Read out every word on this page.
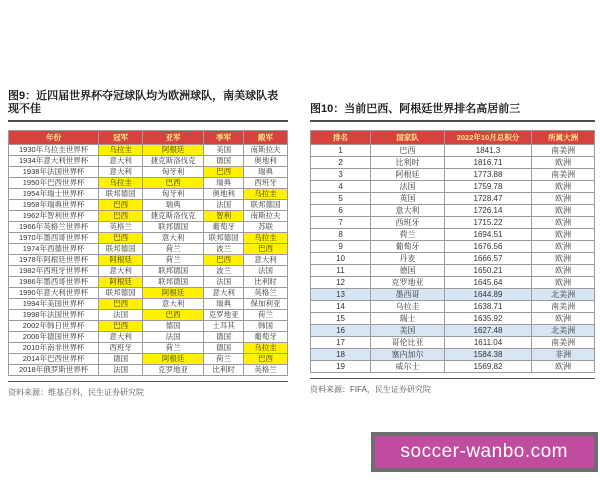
图9：近四届世界杯夺冠球队均为欧洲球队，南美球队表现不佳
年份	冠军	亚军	季军	殿军
1930年乌拉圭世界杯	乌拉圭	阿根廷	美国	南斯拉夫
1934年意大利世界杯	意大利	捷克斯洛伐克	德国	奥地利
1938年法国世界杯	意大利	匈牙利	巴西	瑞典
1950年巴西世界杯	乌拉圭	巴西	瑞典	西班牙
1954年瑞士世界杯	联邦德国	匈牙利	奥地利	乌拉圭
1958年瑞典世界杯	巴西	瑞典	法国	联邦德国
1962年智利世界杯	巴西	捷克斯洛伐克	智利	南斯拉夫
1966年英格兰世界杯	英格兰	联邦德国	葡萄牙	苏联
1970年墨西哥世界杯	巴西	意大利	联邦德国	乌拉圭
1974年西德世界杯	联邦德国	荷兰	波兰	巴西
1978年阿根廷世界杯	阿根廷	荷兰	巴西	意大利
1982年西班牙世界杯	意大利	联邦德国	波兰	法国
1986年墨西哥世界杯	阿根廷	联邦德国	法国	比利时
1990年意大利世界杯	联邦德国	阿根廷	意大利	英格兰
1994年美国世界杯	巴西	意大利	瑞典	保加利亚
1998年法国世界杯	法国	巴西	克罗地亚	荷兰
2002年韩日世界杯	巴西	德国	土耳其	韩国
2006年德国世界杯	意大利	法国	德国	葡萄牙
2010年南非世界杯	西班牙	荷兰	德国	乌拉圭
2014年巴西世界杯	德国	阿根廷	荷兰	巴西
2018年俄罗斯世界杯	法国	克罗地亚	比利时	英格兰
资料来源：维基百科，民生证券研究院
图10：当前巴西、阿根廷世界排名高居前三
排名	国家队	2022年10月总积分	所属大洲
1	巴西	1841.3	南美洲
2	比利时	1816.71	欧洲
3	阿根廷	1773.88	南美洲
4	法国	1759.78	欧洲
5	英国	1728.47	欧洲
6	意大利	1726.14	欧洲
7	西班牙	1715.22	欧洲
8	荷兰	1694.51	欧洲
9	葡萄牙	1676.56	欧洲
10	丹麦	1666.57	欧洲
11	德国	1650.21	欧洲
12	克罗地亚	1645.64	欧洲
13	墨西哥	1644.89	北美洲
14	乌拉圭	1638.71	南美洲
15	瑞士	1635.92	欧洲
16	美国	1627.48	北美洲
17	哥伦比亚	1611.04	南美洲
18	塞内加尔	1584.38	非洲
19	威尔士	1569.82	欧洲
资料来源：FIFA，民生证券研究院
soccer-wanbo.com
